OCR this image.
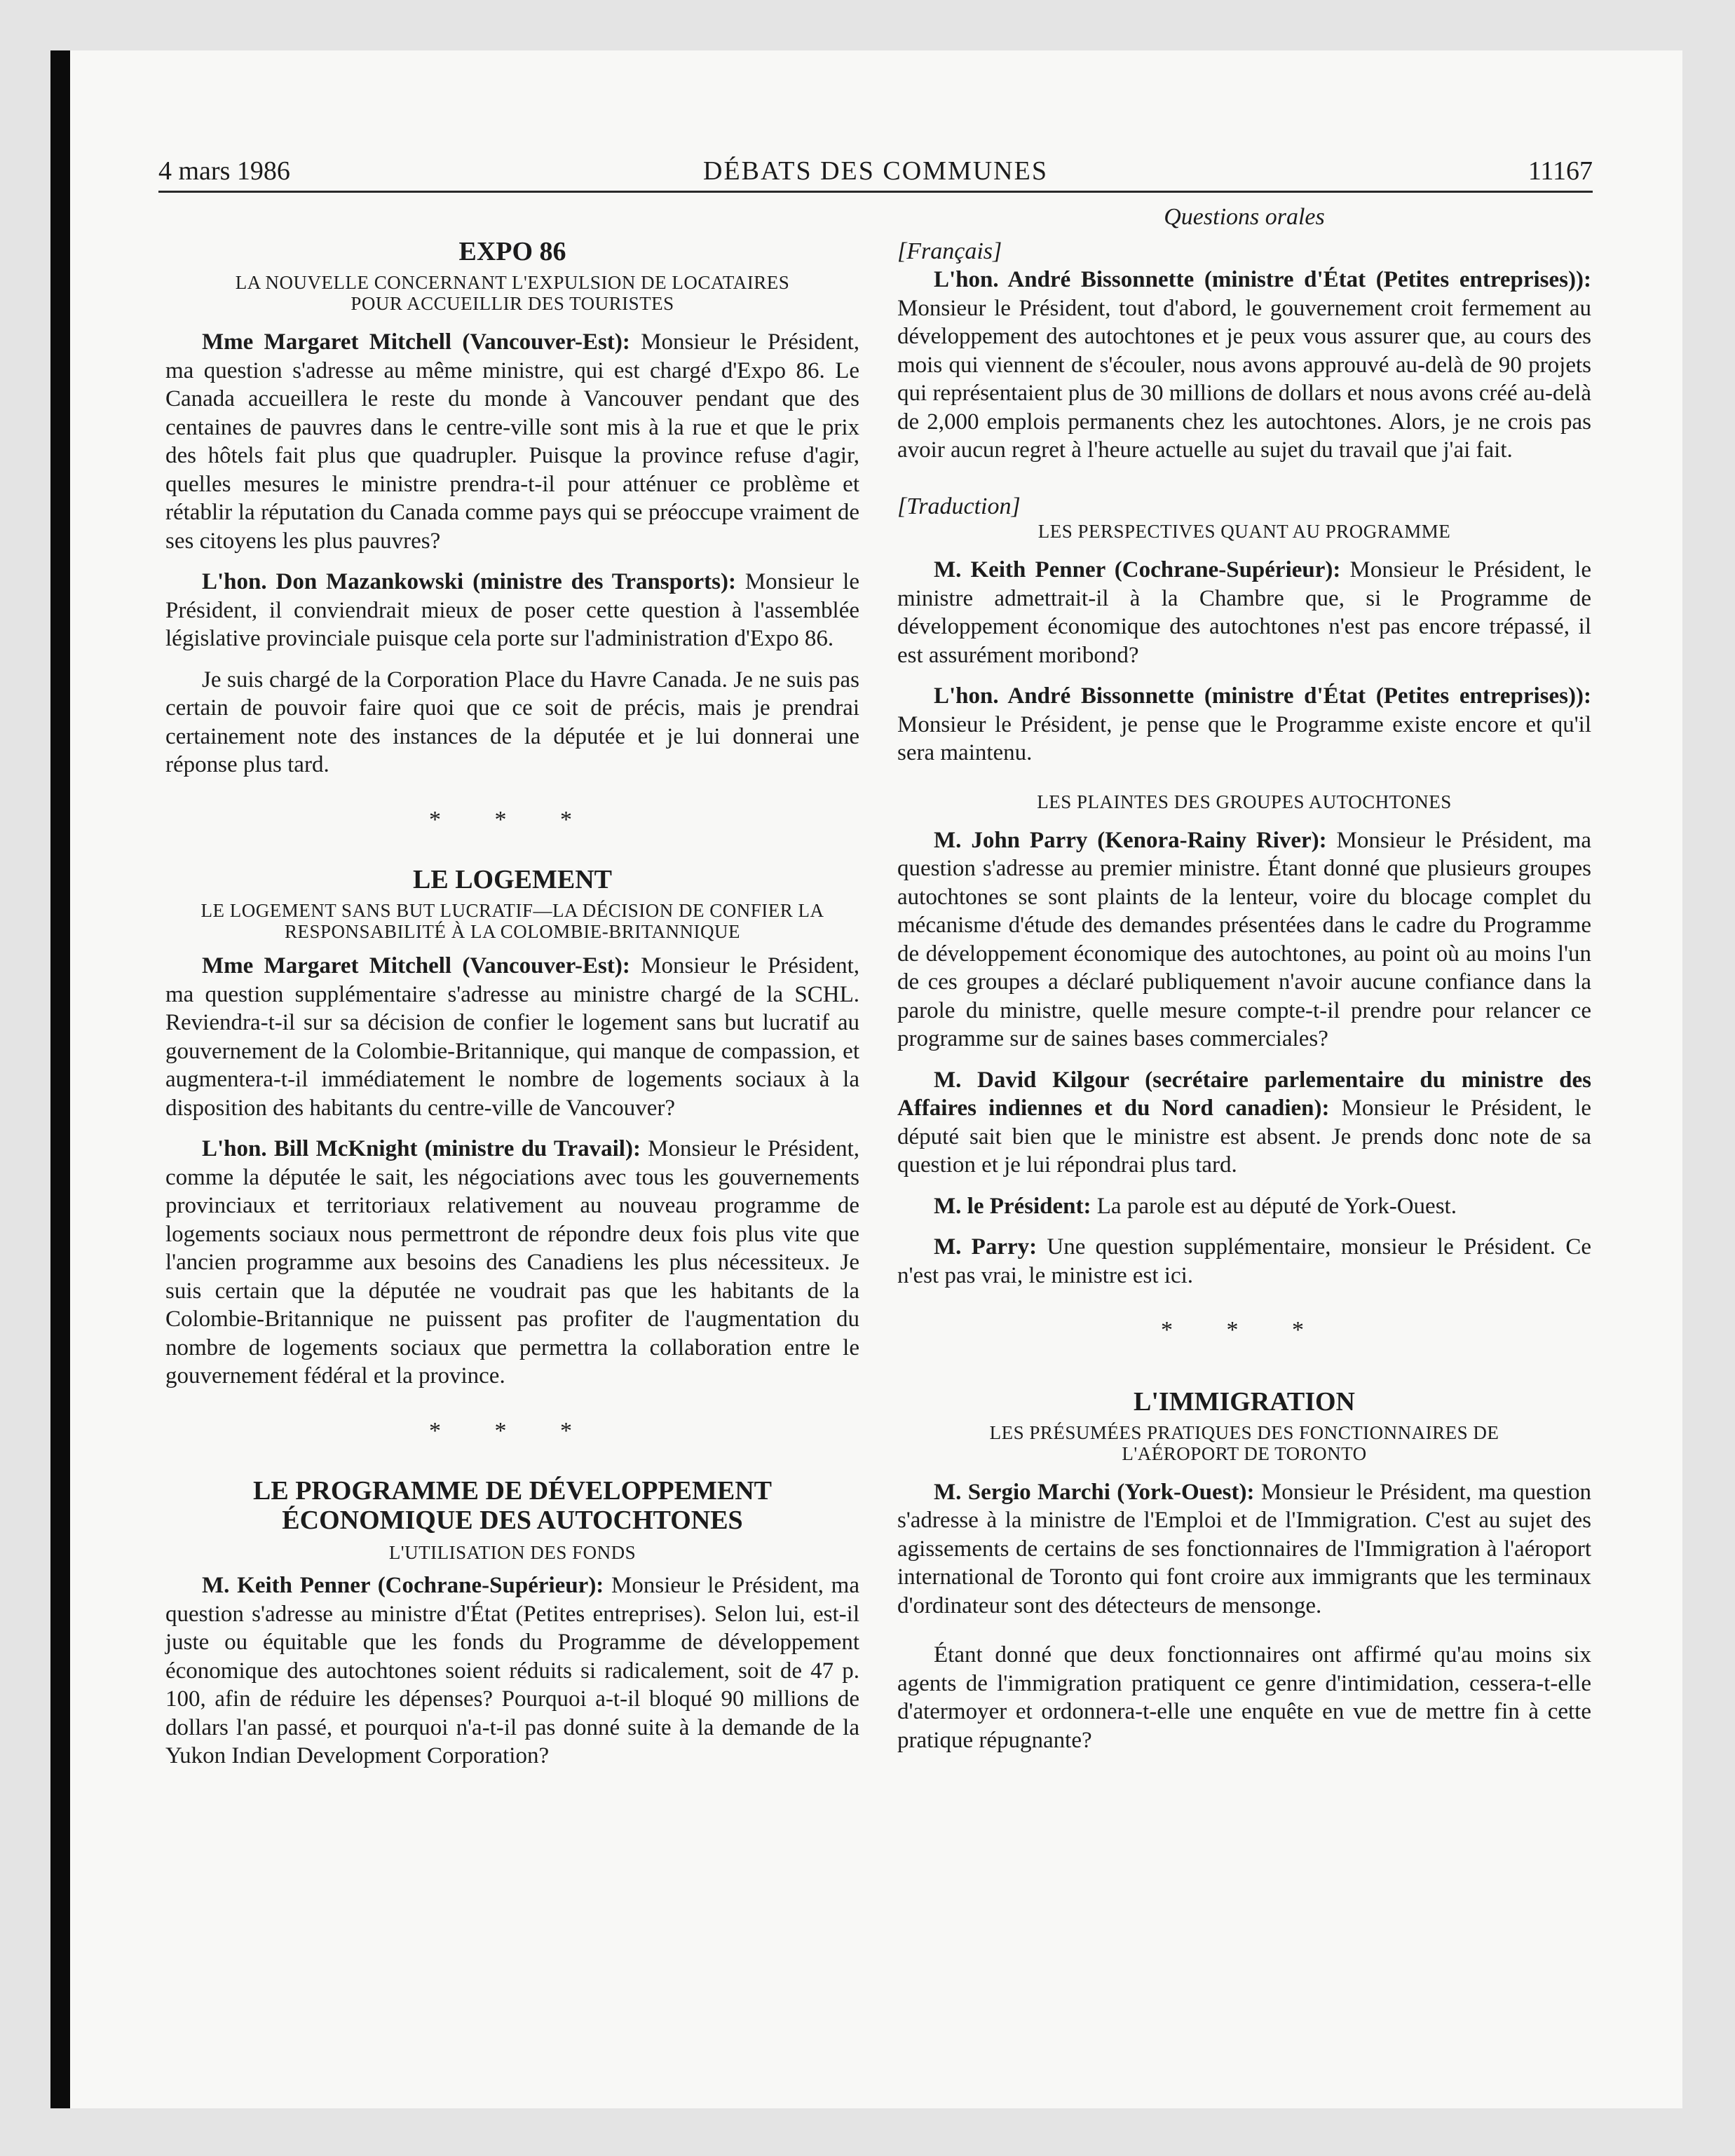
4 mars 1986	DÉBATS DES COMMUNES	11167
EXPO 86
LA NOUVELLE CONCERNANT L'EXPULSION DE LOCATAIRES POUR ACCUEILLIR DES TOURISTES

Mme Margaret Mitchell (Vancouver-Est): Monsieur le Président, ma question s'adresse au même ministre, qui est chargé d'Expo 86. Le Canada accueillera le reste du monde à Vancouver pendant que des centaines de pauvres dans le centre-ville sont mis à la rue et que le prix des hôtels fait plus que quadrupler. Puisque la province refuse d'agir, quelles mesures le ministre prendra-t-il pour atténuer ce problème et rétablir la réputation du Canada comme pays qui se préoccupe vraiment de ses citoyens les plus pauvres?

L'hon. Don Mazankowski (ministre des Transports): Monsieur le Président, il conviendrait mieux de poser cette question à l'assemblée législative provinciale puisque cela porte sur l'administration d'Expo 86.

Je suis chargé de la Corporation Place du Havre Canada. Je ne suis pas certain de pouvoir faire quoi que ce soit de précis, mais je prendrai certainement note des instances de la députée et je lui donnerai une réponse plus tard.

* * *
LE LOGEMENT
LE LOGEMENT SANS BUT LUCRATIF—LA DÉCISION DE CONFIER LA RESPONSABILITÉ À LA COLOMBIE-BRITANNIQUE

Mme Margaret Mitchell (Vancouver-Est): Monsieur le Président, ma question supplémentaire s'adresse au ministre chargé de la SCHL. Reviendra-t-il sur sa décision de confier le logement sans but lucratif au gouvernement de la Colombie-Britannique, qui manque de compassion, et augmentera-t-il immédiatement le nombre de logements sociaux à la disposition des habitants du centre-ville de Vancouver?

L'hon. Bill McKnight (ministre du Travail): Monsieur le Président, comme la députée le sait, les négociations avec tous les gouvernements provinciaux et territoriaux relativement au nouveau programme de logements sociaux nous permettront de répondre deux fois plus vite que l'ancien programme aux besoins des Canadiens les plus nécessiteux. Je suis certain que la députée ne voudrait pas que les habitants de la Colombie-Britannique ne puissent pas profiter de l'augmentation du nombre de logements sociaux que permettra la collaboration entre le gouvernement fédéral et la province.

* * *
LE PROGRAMME DE DÉVELOPPEMENT
ÉCONOMIQUE DES AUTOCHTONES
L'UTILISATION DES FONDS

M. Keith Penner (Cochrane-Supérieur): Monsieur le Président, ma question s'adresse au ministre d'État (Petites entreprises). Selon lui, est-il juste ou équitable que les fonds du Programme de développement économique des autochtones soient réduits si radicalement, soit de 47 p. 100, afin de réduire les dépenses? Pourquoi a-t-il bloqué 90 millions de dollars l'an passé, et pourquoi n'a-t-il pas donné suite à la demande de la Yukon Indian Development Corporation?

Questions orales
[Français]

L'hon. André Bissonnette (ministre d'État (Petites entreprises)): Monsieur le Président, tout d'abord, le gouvernement croit fermement au développement des autochtones et je peux vous assurer que, au cours des mois qui viennent de s'écouler, nous avons approuvé au-delà de 90 projets qui représentaient plus de 30 millions de dollars et nous avons créé au-delà de 2,000 emplois permanents chez les autochtones. Alors, je ne crois pas avoir aucun regret à l'heure actuelle au sujet du travail que j'ai fait.

[Traduction]
LES PERSPECTIVES QUANT AU PROGRAMME

M. Keith Penner (Cochrane-Supérieur): Monsieur le Président, le ministre admettrait-il à la Chambre que, si le Programme de développement économique des autochtones n'est pas encore trépassé, il est assurément moribond?

L'hon. André Bissonnette (ministre d'État (Petites entreprises)): Monsieur le Président, je pense que le Programme existe encore et qu'il sera maintenu.

LES PLAINTES DES GROUPES AUTOCHTONES

M. John Parry (Kenora-Rainy River): Monsieur le Président, ma question s'adresse au premier ministre. Étant donné que plusieurs groupes autochtones se sont plaints de la lenteur, voire du blocage complet du mécanisme d'étude des demandes présentées dans le cadre du Programme de développement économique des autochtones, au point où au moins l'un de ces groupes a déclaré publiquement n'avoir aucune confiance dans la parole du ministre, quelle mesure compte-t-il prendre pour relancer ce programme sur de saines bases commerciales?

M. David Kilgour (secrétaire parlementaire du ministre des Affaires indiennes et du Nord canadien): Monsieur le Président, le député sait bien que le ministre est absent. Je prends donc note de sa question et je lui répondrai plus tard.

M. le Président: La parole est au député de York-Ouest.

M. Parry: Une question supplémentaire, monsieur le Président. Ce n'est pas vrai, le ministre est ici.

* * *
L'IMMIGRATION
LES PRÉSUMÉES PRATIQUES DES FONCTIONNAIRES DE L'AÉROPORT DE TORONTO

M. Sergio Marchi (York-Ouest): Monsieur le Président, ma question s'adresse à la ministre de l'Emploi et de l'Immigration. C'est au sujet des agissements de certains de ses fonctionnaires de l'Immigration à l'aéroport international de Toronto qui font croire aux immigrants que les terminaux d'ordinateur sont des détecteurs de mensonge.

Étant donné que deux fonctionnaires ont affirmé qu'au moins six agents de l'immigration pratiquent ce genre d'intimidation, cessera-t-elle d'atermoyer et ordonnera-t-elle une enquête en vue de mettre fin à cette pratique répugnante?
